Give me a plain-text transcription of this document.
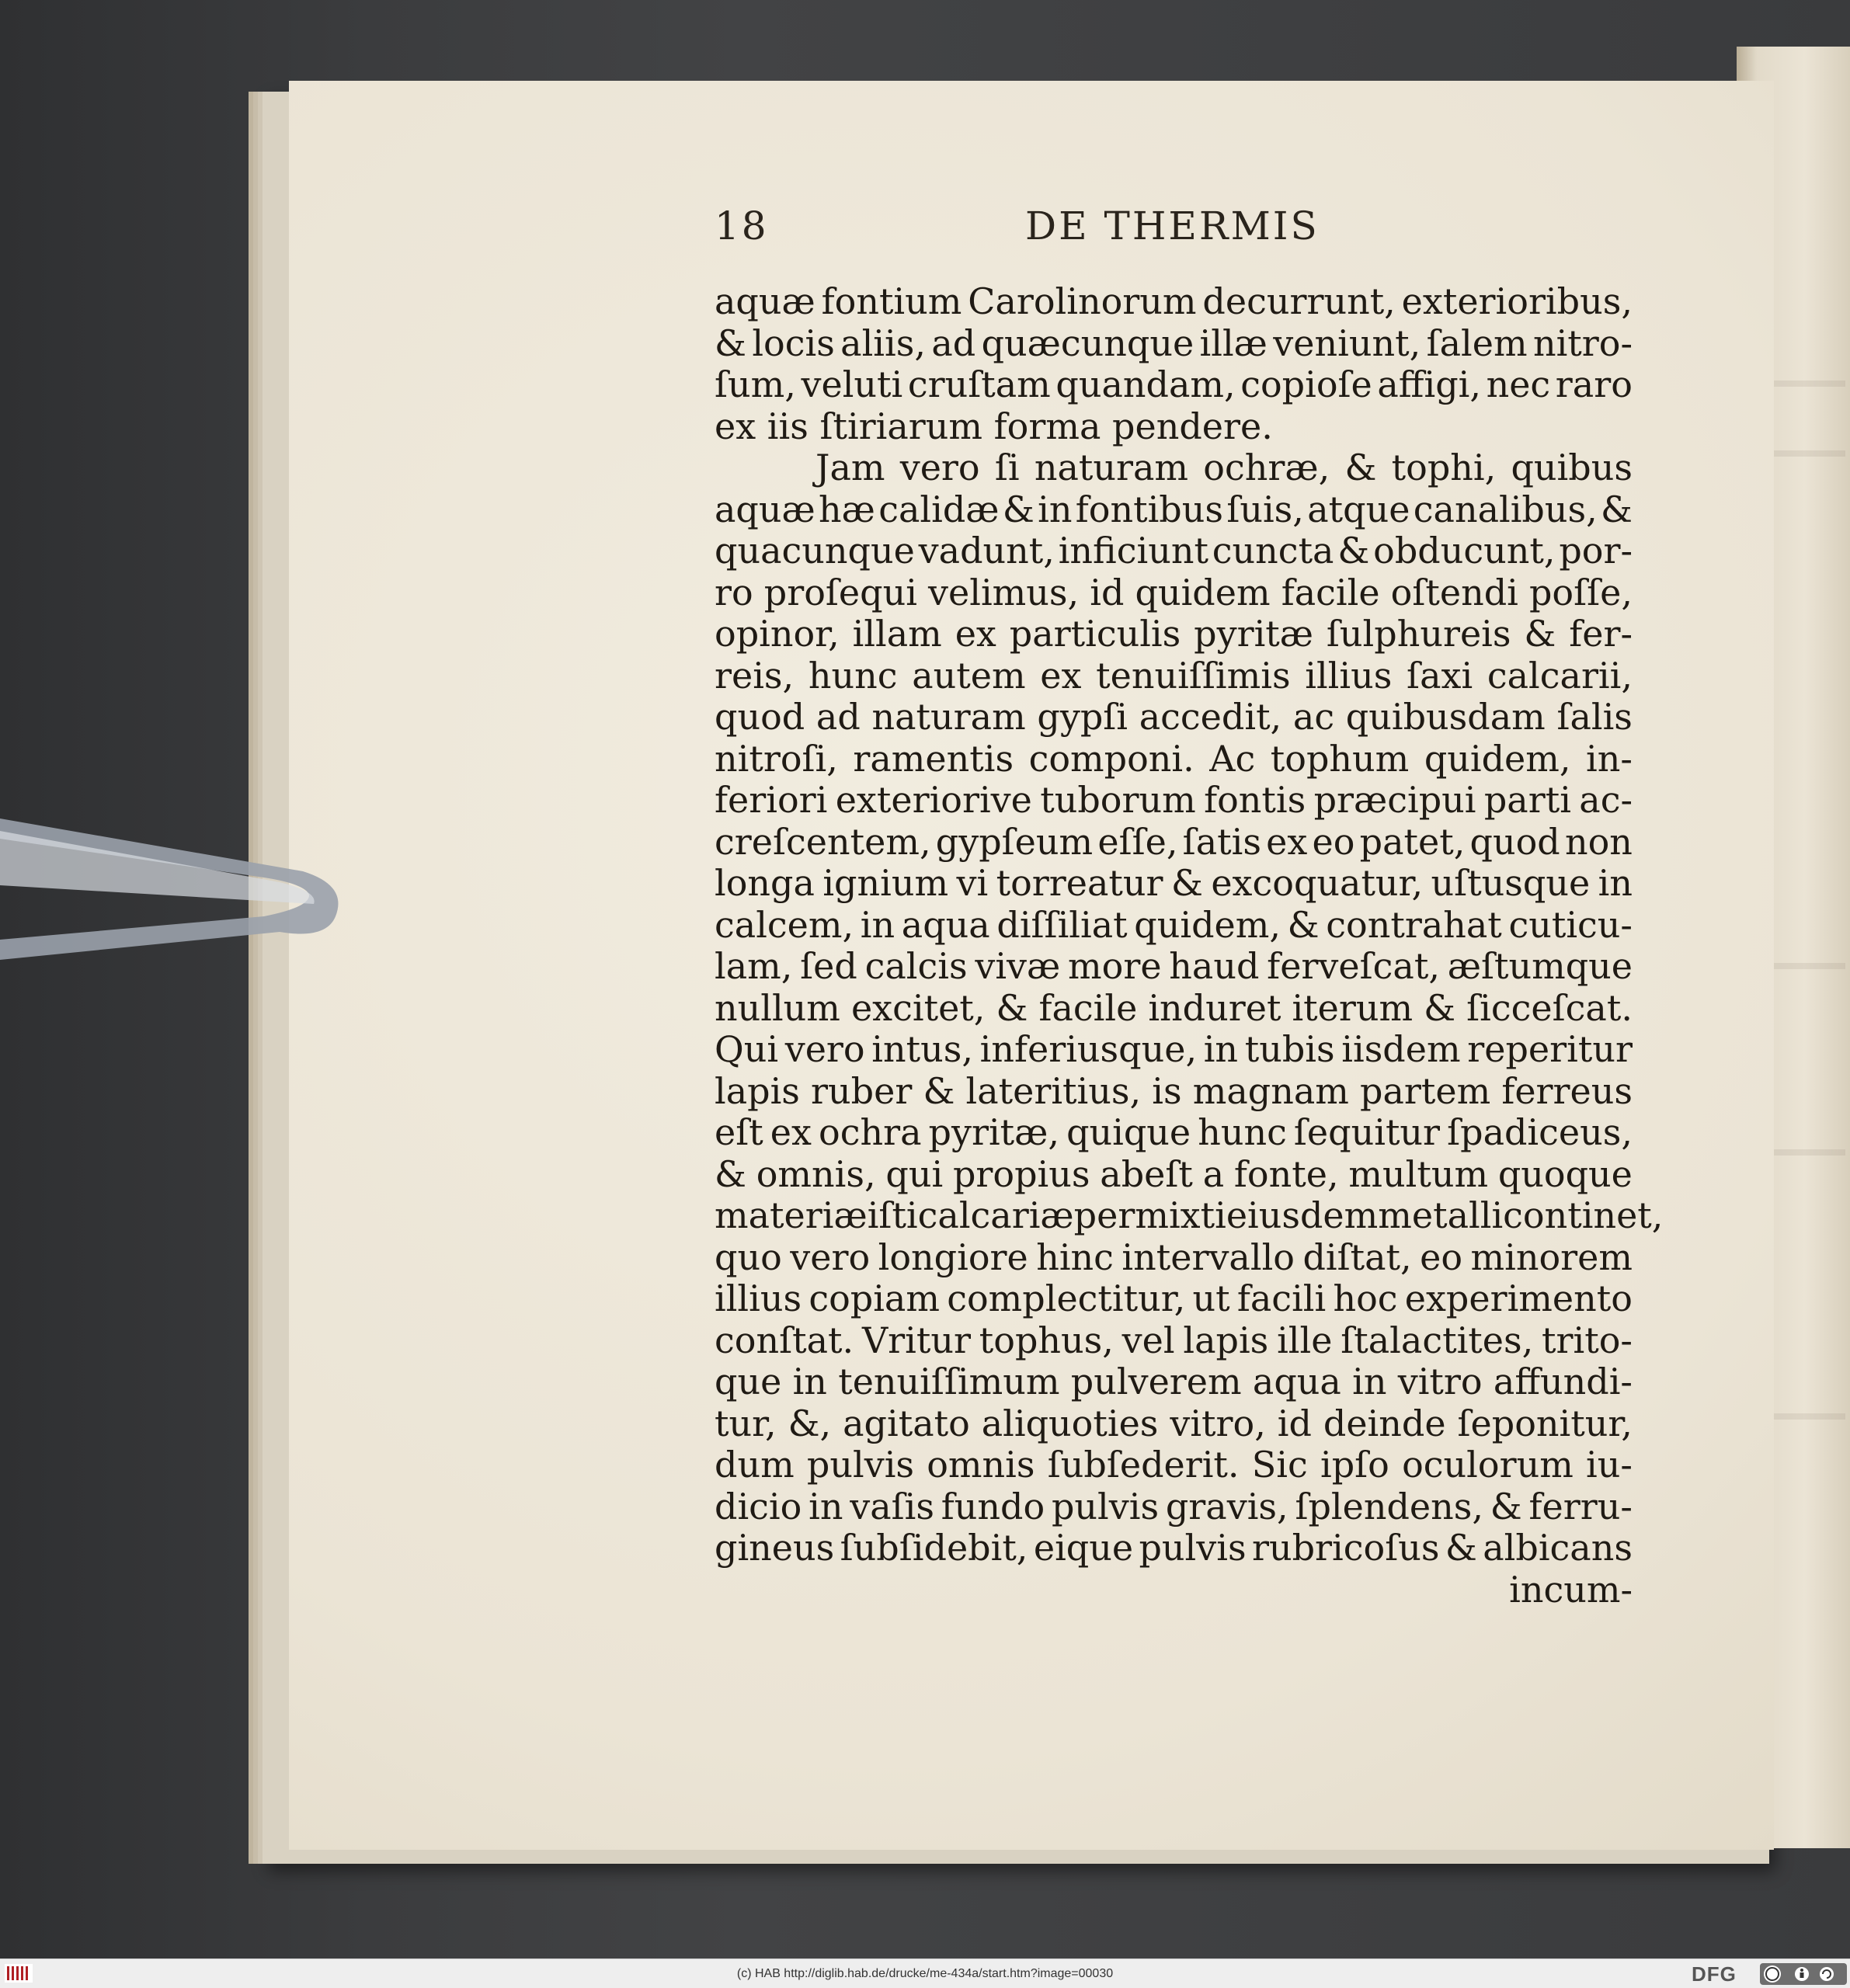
18	DE THERMIS
aquæ fontium Carolinorum decurrunt, exterioribus,
& locis aliis, ad quæcunque illæ veniunt, ſalem nitro-
ſum, veluti cruſtam quandam, copioſe affigi, nec raro
ex iis ſtiriarum forma pendere.
Jam vero ſi naturam ochræ, & tophi, quibus
aquæ hæ calidæ & in fontibus ſuis, atque canalibus, &
quacunque vadunt, inficiunt cuncta & obducunt, por-
ro proſequi velimus, id quidem facile oſtendi poſſe,
opinor, illam ex particulis pyritæ ſulphureis & fer-
reis, hunc autem ex tenuiſſimis illius ſaxi calcarii,
quod ad naturam gypſi accedit, ac quibusdam ſalis
nitroſi, ramentis componi. Ac tophum quidem, in-
feriori exteriorive tuborum fontis præcipui parti ac-
creſcentem, gypſeum eſſe, ſatis ex eo patet, quod non
longa ignium vi torreatur & excoquatur, uſtusque in
calcem, in aqua diſſiliat quidem, & contrahat cuticu-
lam, ſed calcis vivæ more haud ferveſcat, æſtumque
nullum excitet, & facile induret iterum & ſicceſcat.
Qui vero intus, inferiusque, in tubis iisdem reperitur
lapis ruber & lateritius, is magnam partem ferreus
eſt ex ochra pyritæ, quique hunc ſequitur ſpadiceus,
& omnis, qui propius abeſt a fonte, multum quoque
materiæ iſti calcariæ permixti eiusdem metalli continet,
quo vero longiore hinc intervallo diſtat, eo minorem
illius copiam complectitur, ut facili hoc experimento
conſtat. Vritur tophus, vel lapis ille ſtalactites, trito-
que in tenuiſſimum pulverem aqua in vitro affundi-
tur, &, agitato aliquoties vitro, id deinde ſeponitur,
dum pulvis omnis ſubſederit. Sic ipſo oculorum iu-
dicio in vaſis fundo pulvis gravis, ſplendens, & ferru-
gineus ſubſidebit, eique pulvis rubricoſus & albicans
incum-
(c) HAB http://diglib.hab.de/drucke/me-434a/start.htm?image=00030	DFG
